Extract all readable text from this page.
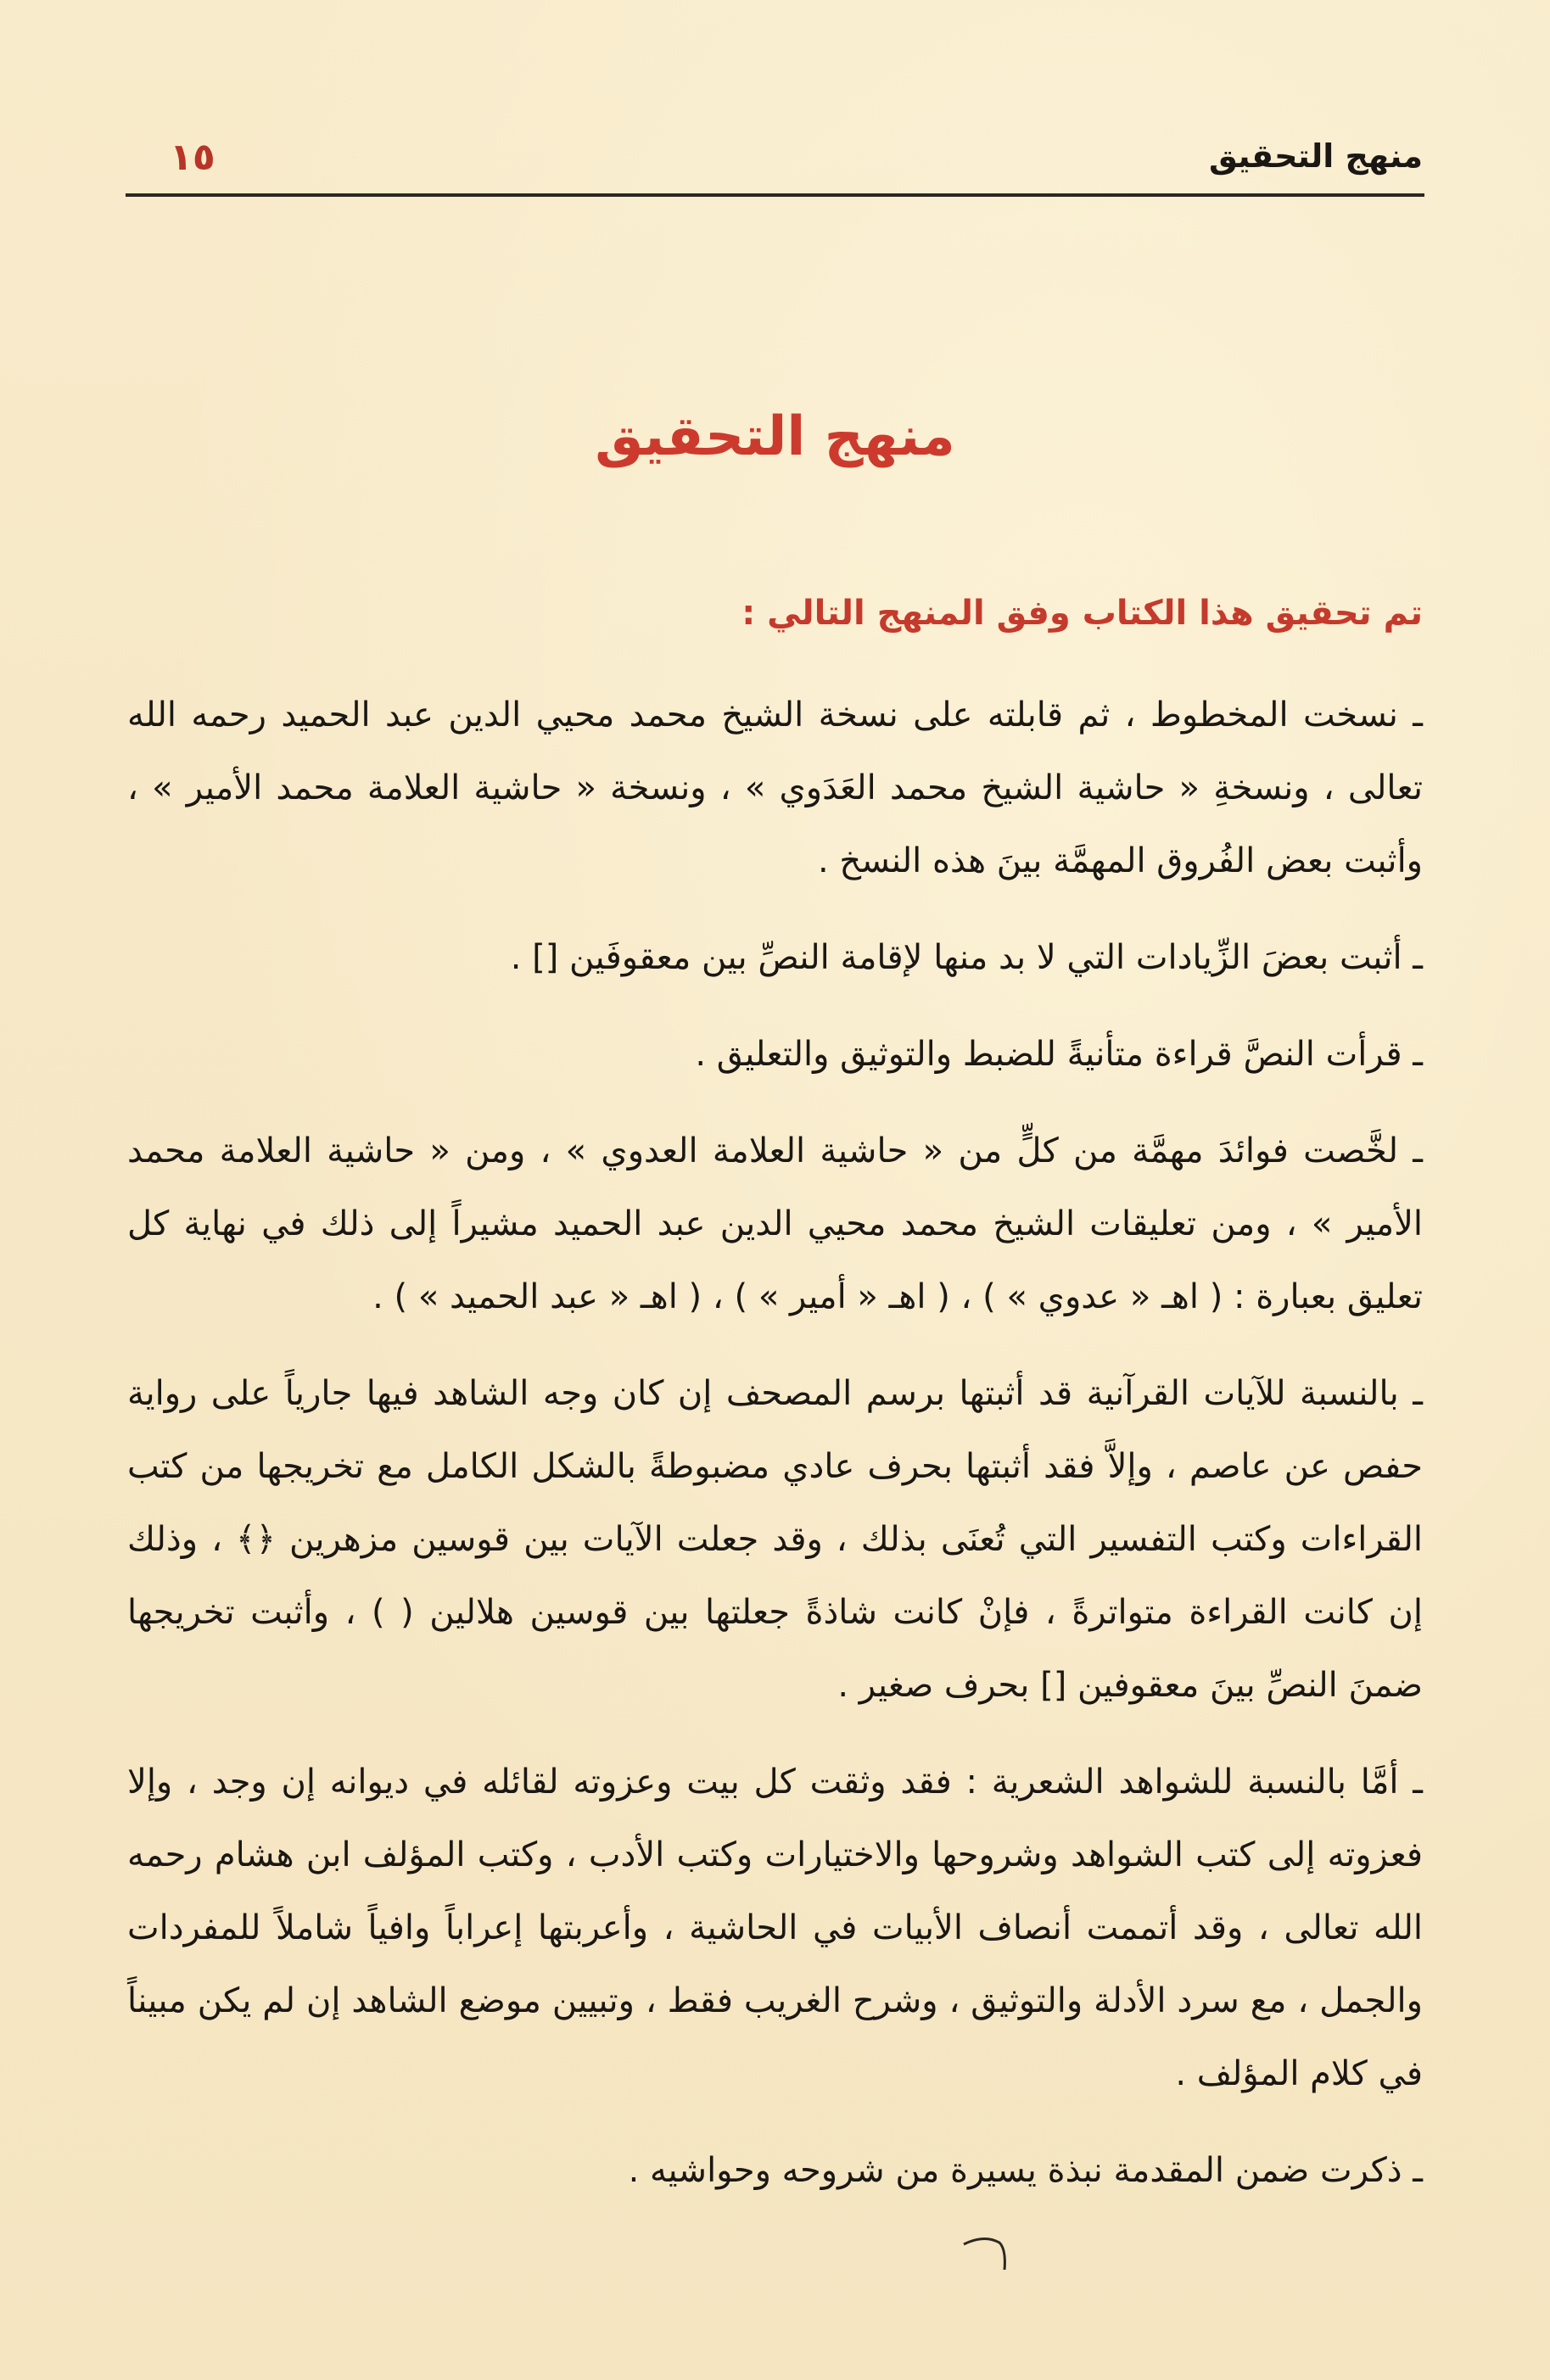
منهج التحقيق
١٥
منهج التحقيق
تم تحقيق هذا الكتاب وفق المنهج التالي :

ـ نسخت المخطوط ، ثم قابلته على نسخة الشيخ محمد محيي الدين عبد الحميد رحمه الله تعالى ، ونسخةِ « حاشية الشيخ محمد العَدَوي » ، ونسخة « حاشية العلامة محمد الأمير » ، وأثبت بعض الفُروق المهمَّة بينَ هذه النسخ .

ـ أثبت بعضَ الزِّيادات التي لا بد منها لإقامة النصِّ بين معقوفَين [] .

ـ قرأت النصَّ قراءة متأنيةً للضبط والتوثيق والتعليق .

ـ لخَّصت فوائدَ مهمَّة من كلٍّ من « حاشية العلامة العدوي » ، ومن « حاشية العلامة محمد الأمير » ، ومن تعليقات الشيخ محمد محيي الدين عبد الحميد مشيراً إلى ذلك في نهاية كل تعليق بعبارة : ( اهـ « عدوي » ) ، ( اهـ « أمير » ) ، ( اهـ « عبد الحميد » ) .

ـ بالنسبة للآيات القرآنية قد أثبتها برسم المصحف إن كان وجه الشاهد فيها جارياً على رواية حفص عن عاصم ، وإلاَّ فقد أثبتها بحرف عادي مضبوطةً بالشكل الكامل مع تخريجها من كتب القراءات وكتب التفسير التي تُعنَى بذلك ، وقد جعلت الآيات بين قوسين مزهرين ﴿﴾ ، وذلك إن كانت القراءة متواترةً ، فإنْ كانت شاذةً جعلتها بين قوسين هلالين ( ) ، وأثبت تخريجها ضمنَ النصِّ بينَ معقوفين [] بحرف صغير .

ـ أمَّا بالنسبة للشواهد الشعرية : فقد وثقت كل بيت وعزوته لقائله في ديوانه إن وجد ، وإلا فعزوته إلى كتب الشواهد وشروحها والاختيارات وكتب الأدب ، وكتب المؤلف ابن هشام رحمه الله تعالى ، وقد أتممت أنصاف الأبيات في الحاشية ، وأعربتها إعراباً وافياً شاملاً للمفردات والجمل ، مع سرد الأدلة والتوثيق ، وشرح الغريب فقط ، وتبيين موضع الشاهد إن لم يكن مبيناً في كلام المؤلف .

ـ ذكرت ضمن المقدمة نبذة يسيرة من شروحه وحواشيه .
